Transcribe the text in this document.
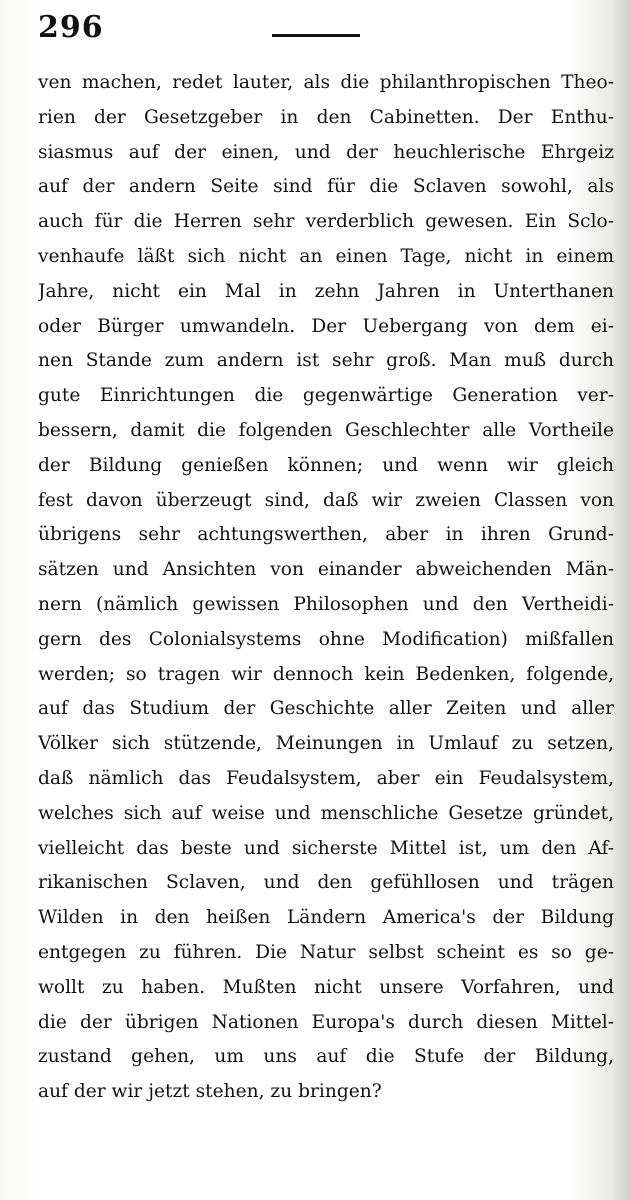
296
ven machen, redet lauter, als die philanthropischen Theo-
rien der Gesetzgeber in den Cabinetten. Der Enthu-
siasmus auf der einen, und der heuchlerische Ehrgeiz
auf der andern Seite sind für die Sclaven sowohl, als
auch für die Herren sehr verderblich gewesen. Ein Sclo-
venhaufe läßt sich nicht an einen Tage, nicht in einem
Jahre, nicht ein Mal in zehn Jahren in Unterthanen
oder Bürger umwandeln. Der Uebergang von dem ei-
nen Stande zum andern ist sehr groß. Man muß durch
gute Einrichtungen die gegenwärtige Generation ver-
bessern, damit die folgenden Geschlechter alle Vortheile
der Bildung genießen können; und wenn wir gleich
fest davon überzeugt sind, daß wir zweien Classen von
übrigens sehr achtungswerthen, aber in ihren Grund-
sätzen und Ansichten von einander abweichenden Män-
nern (nämlich gewissen Philosophen und den Vertheidi-
gern des Colonialsystems ohne Modification) mißfallen
werden; so tragen wir dennoch kein Bedenken, folgende,
auf das Studium der Geschichte aller Zeiten und aller
Völker sich stützende, Meinungen in Umlauf zu setzen,
daß nämlich das Feudalsystem, aber ein Feudalsystem,
welches sich auf weise und menschliche Gesetze gründet,
vielleicht das beste und sicherste Mittel ist, um den Af-
rikanischen Sclaven, und den gefühllosen und trägen
Wilden in den heißen Ländern America's der Bildung
entgegen zu führen. Die Natur selbst scheint es so ge-
wollt zu haben. Mußten nicht unsere Vorfahren, und
die der übrigen Nationen Europa's durch diesen Mittel-
zustand gehen, um uns auf die Stufe der Bildung,
auf der wir jetzt stehen, zu bringen?
